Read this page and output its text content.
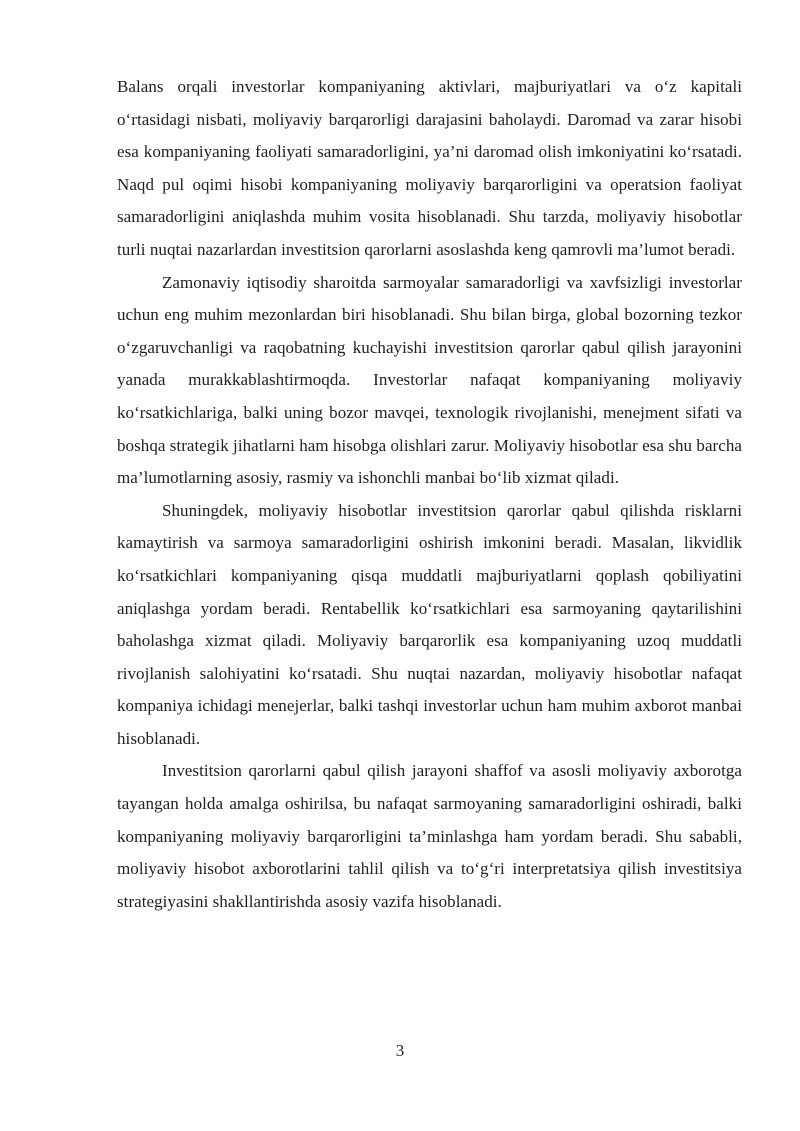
Balans orqali investorlar kompaniyaning aktivlari, majburiyatlari va oʻz kapitali oʻrtasidagi nisbati, moliyaviy barqarorligi darajasini baholaydi. Daromad va zarar hisobi esa kompaniyaning faoliyati samaradorligini, ya’ni daromad olish imkoniyatini koʻrsatadi. Naqd pul oqimi hisobi kompaniyaning moliyaviy barqarorligini va operatsion faoliyat samaradorligini aniqlashda muhim vosita hisoblanadi. Shu tarzda, moliyaviy hisobotlar turli nuqtai nazarlardan investitsion qarorlarni asoslashda keng qamrovli ma’lumot beradi.

Zamonaviy iqtisodiy sharoitda sarmoyalar samaradorligi va xavfsizligi investorlar uchun eng muhim mezonlardan biri hisoblanadi. Shu bilan birga, global bozorning tezkor oʻzgaruvchanligi va raqobatning kuchayishi investitsion qarorlar qabul qilish jarayonini yanada murakkablashtirmoqda. Investorlar nafaqat kompaniyaning moliyaviy koʻrsatkichlariga, balki uning bozor mavqei, texnologik rivojlanishi, menejment sifati va boshqa strategik jihatlarni ham hisobga olishlari zarur. Moliyaviy hisobotlar esa shu barcha ma’lumotlarning asosiy, rasmiy va ishonchli manbai boʻlib xizmat qiladi.

Shuningdek, moliyaviy hisobotlar investitsion qarorlar qabul qilishda risklarni kamaytirish va sarmoya samaradorligini oshirish imkonini beradi. Masalan, likvidlik koʻrsatkichlari kompaniyaning qisqa muddatli majburiyatlarni qoplash qobiliyatini aniqlashga yordam beradi. Rentabellik koʻrsatkichlari esa sarmoyaning qaytarilishini baholashga xizmat qiladi. Moliyaviy barqarorlik esa kompaniyaning uzoq muddatli rivojlanish salohiyatini koʻrsatadi. Shu nuqtai nazardan, moliyaviy hisobotlar nafaqat kompaniya ichidagi menejerlar, balki tashqi investorlar uchun ham muhim axborot manbai hisoblanadi.

Investitsion qarorlarni qabul qilish jarayoni shaffof va asosli moliyaviy axborotga tayangan holda amalga oshirilsa, bu nafaqat sarmoyaning samaradorligini oshiradi, balki kompaniyaning moliyaviy barqarorligini ta’minlashga ham yordam beradi. Shu sababli, moliyaviy hisobot axborotlarini tahlil qilish va toʻgʻri interpretatsiya qilish investitsiya strategiyasini shakllantirishda asosiy vazifa hisoblanadi.

3
